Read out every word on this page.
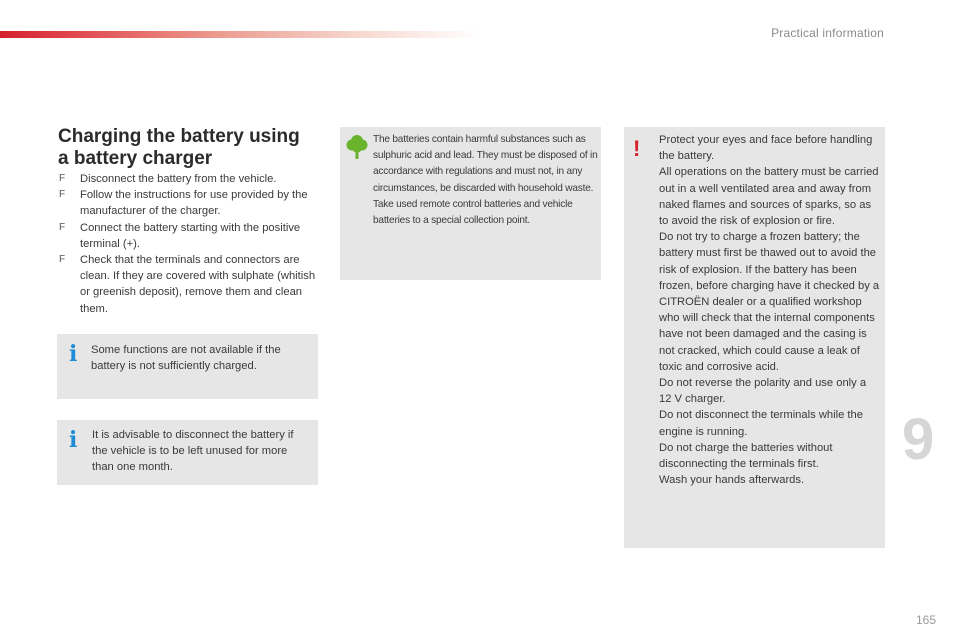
Practical information
Charging the battery using
a battery charger
F Disconnect the battery from the vehicle.
F Follow the instructions for use provided by the manufacturer of the charger.
F Connect the battery starting with the positive terminal (+).
F Check that the terminals and connectors are clean. If they are covered with sulphate (whitish or greenish deposit), remove them and clean them.
i Some functions are not available if the battery is not sufficiently charged.
i It is advisable to disconnect the battery if the vehicle is to be left unused for more than one month.
The batteries contain harmful substances such as sulphuric acid and lead. They must be disposed of in accordance with regulations and must not, in any circumstances, be discarded with household waste.
Take used remote control batteries and vehicle batteries to a special collection point.
! Protect your eyes and face before handling the battery.
All operations on the battery must be carried out in a well ventilated area and away from naked flames and sources of sparks, so as to avoid the risk of explosion or fire.
Do not try to charge a frozen battery; the battery must first be thawed out to avoid the risk of explosion. If the battery has been frozen, before charging have it checked by a CITROËN dealer or a qualified workshop who will check that the internal components have not been damaged and the casing is not cracked, which could cause a leak of toxic and corrosive acid.
Do not reverse the polarity and use only a 12 V charger.
Do not disconnect the terminals while the engine is running.
Do not charge the batteries without disconnecting the terminals first.
Wash your hands afterwards.
9
165
